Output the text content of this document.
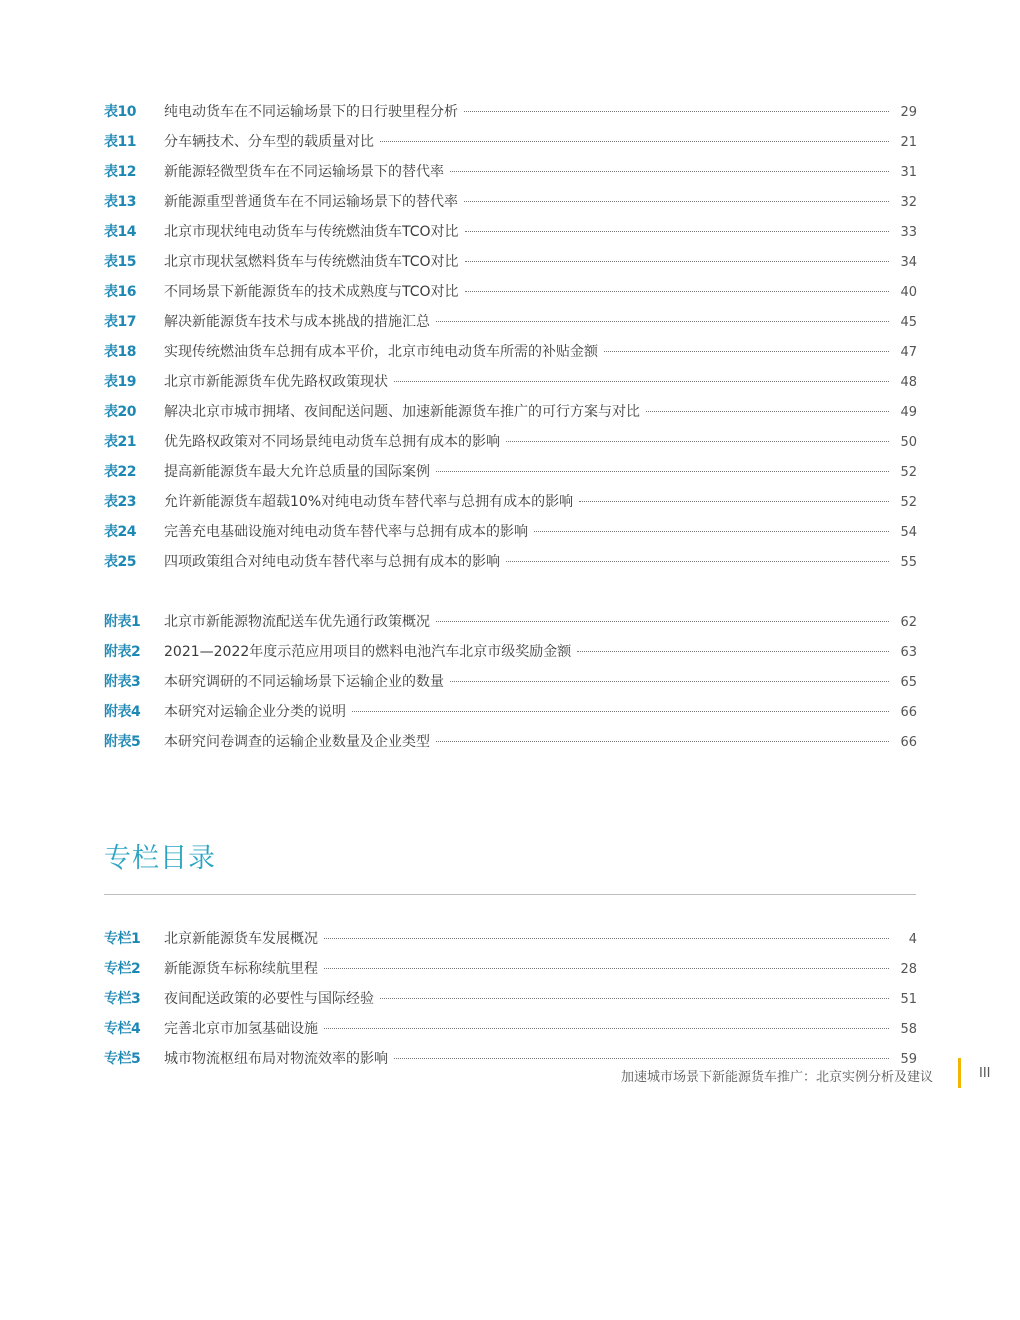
表10	纯电动货车在不同运输场景下的日行驶里程分析	29
表11	分车辆技术、分车型的载质量对比	21
表12	新能源轻微型货车在不同运输场景下的替代率	31
表13	新能源重型普通货车在不同运输场景下的替代率	32
表14	北京市现状纯电动货车与传统燃油货车TCO对比	33
表15	北京市现状氢燃料货车与传统燃油货车TCO对比	34
表16	不同场景下新能源货车的技术成熟度与TCO对比	40
表17	解决新能源货车技术与成本挑战的措施汇总	45
表18	实现传统燃油货车总拥有成本平价，北京市纯电动货车所需的补贴金额	47
表19	北京市新能源货车优先路权政策现状	48
表20	解决北京市城市拥堵、夜间配送问题、加速新能源货车推广的可行方案与对比	49
表21	优先路权政策对不同场景纯电动货车总拥有成本的影响	50
表22	提高新能源货车最大允许总质量的国际案例	52
表23	允许新能源货车超载10%对纯电动货车替代率与总拥有成本的影响	52
表24	完善充电基础设施对纯电动货车替代率与总拥有成本的影响	54
表25	四项政策组合对纯电动货车替代率与总拥有成本的影响	55
附表1	北京市新能源物流配送车优先通行政策概况	62
附表2	2021—2022年度示范应用项目的燃料电池汽车北京市级奖励金额	63
附表3	本研究调研的不同运输场景下运输企业的数量	65
附表4	本研究对运输企业分类的说明	66
附表5	本研究问卷调查的运输企业数量及企业类型	66
专栏目录
专栏1	北京新能源货车发展概况	4
专栏2	新能源货车标称续航里程	28
专栏3	夜间配送政策的必要性与国际经验	51
专栏4	完善北京市加氢基础设施	58
专栏5	城市物流枢纽布局对物流效率的影响	59
加速城市场景下新能源货车推广：北京实例分析及建议	III
